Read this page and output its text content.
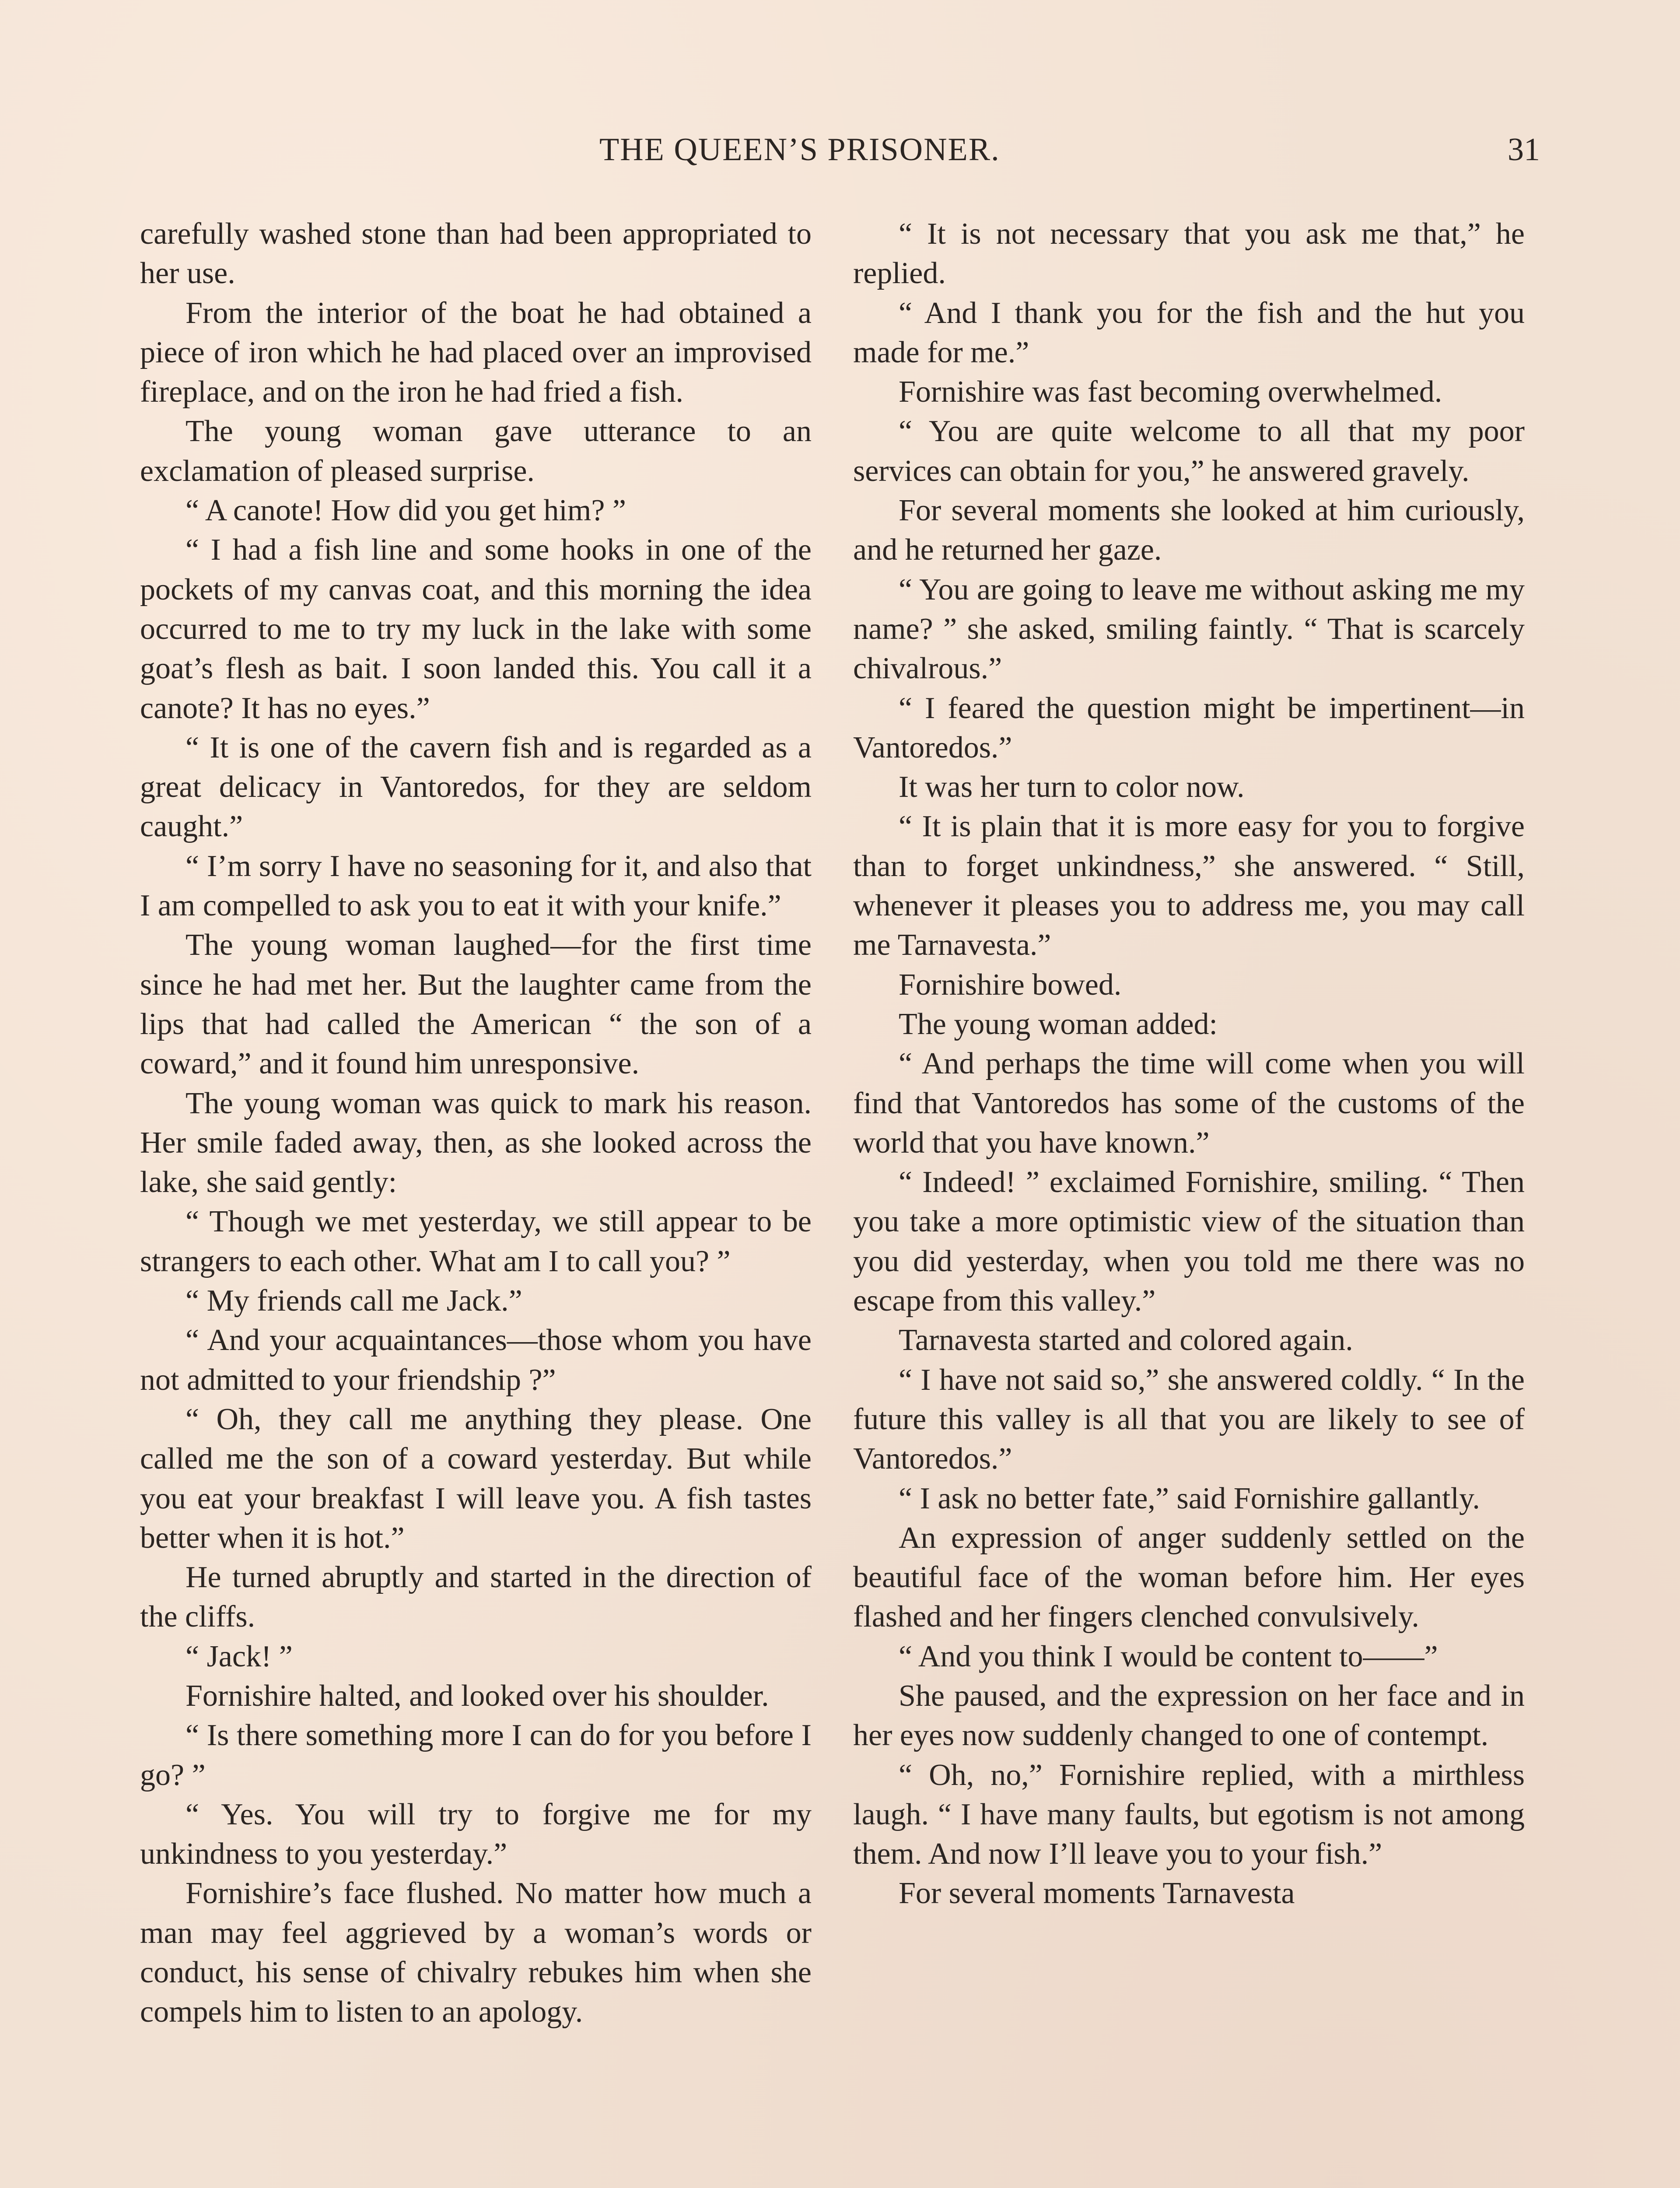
THE QUEEN’S PRISONER.	31

carefully washed stone than had been appropriated to her use.

From the interior of the boat he had obtained a piece of iron which he had placed over an improvised fireplace, and on the iron he had fried a fish.

The young woman gave utterance to an exclamation of pleased surprise.

“ A canote! How did you get him? ”

“ I had a fish line and some hooks in one of the pockets of my canvas coat, and this morning the idea occurred to me to try my luck in the lake with some goat’s flesh as bait. I soon landed this. You call it a canote? It has no eyes.”

“ It is one of the cavern fish and is regarded as a great delicacy in Vantoredos, for they are seldom caught.”

“ I’m sorry I have no seasoning for it, and also that I am compelled to ask you to eat it with your knife.”

The young woman laughed—for the first time since he had met her. But the laughter came from the lips that had called the American “ the son of a coward,” and it found him unresponsive.

The young woman was quick to mark his reason. Her smile faded away, then, as she looked across the lake, she said gently:

“ Though we met yesterday, we still appear to be strangers to each other. What am I to call you? ”

“ My friends call me Jack.”

“ And your acquaintances—those whom you have not admitted to your friendship ?”

“ Oh, they call me anything they please. One called me the son of a coward yesterday. But while you eat your breakfast I will leave you. A fish tastes better when it is hot.”

He turned abruptly and started in the direction of the cliffs.

“ Jack! ”

Fornishire halted, and looked over his shoulder.

“ Is there something more I can do for you before I go? ”

“ Yes. You will try to forgive me for my unkindness to you yesterday.”

Fornishire’s face flushed. No matter how much a man may feel aggrieved by a woman’s words or conduct, his sense of chivalry rebukes him when she compels him to listen to an apology.

“ It is not necessary that you ask me that,” he replied.

“ And I thank you for the fish and the hut you made for me.”

Fornishire was fast becoming overwhelmed.

“ You are quite welcome to all that my poor services can obtain for you,” he answered gravely.

For several moments she looked at him curiously, and he returned her gaze.

“ You are going to leave me without asking me my name? ” she asked, smiling faintly. “ That is scarcely chivalrous.”

“ I feared the question might be impertinent—in Vantoredos.”

It was her turn to color now.

“ It is plain that it is more easy for you to forgive than to forget unkindness,” she answered. “ Still, whenever it pleases you to address me, you may call me Tarnavesta.”

Fornishire bowed.

The young woman added:

“ And perhaps the time will come when you will find that Vantoredos has some of the customs of the world that you have known.”

“ Indeed! ” exclaimed Fornishire, smiling. “ Then you take a more optimistic view of the situation than you did yesterday, when you told me there was no escape from this valley.”

Tarnavesta started and colored again.

“ I have not said so,” she answered coldly. “ In the future this valley is all that you are likely to see of Vantoredos.”

“ I ask no better fate,” said Fornishire gallantly.

An expression of anger suddenly settled on the beautiful face of the woman before him. Her eyes flashed and her fingers clenched convulsively.

“ And you think I would be content to——”

She paused, and the expression on her face and in her eyes now suddenly changed to one of contempt.

“ Oh, no,” Fornishire replied, with a mirthless laugh. “ I have many faults, but egotism is not among them. And now I’ll leave you to your fish.”

For several moments Tarnavesta
